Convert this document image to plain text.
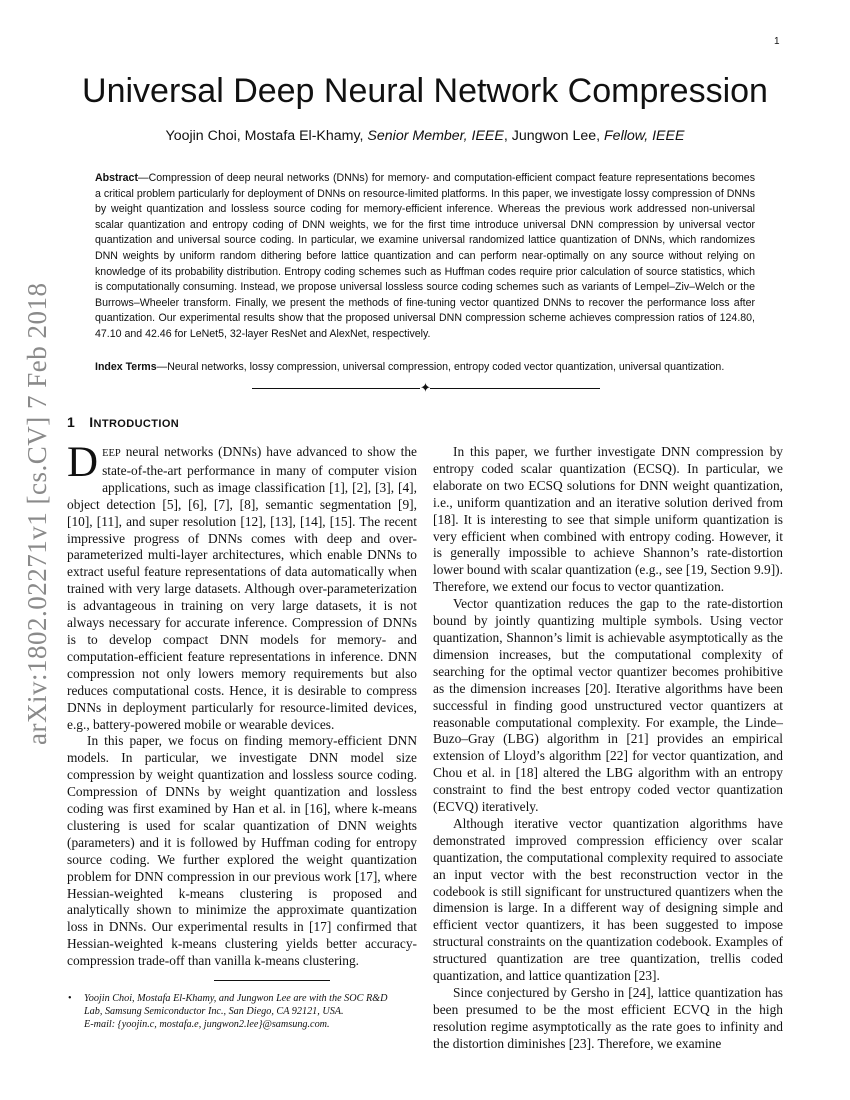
1
arXiv:1802.02271v1 [cs.CV] 7 Feb 2018
Universal Deep Neural Network Compression
Yoojin Choi, Mostafa El-Khamy, Senior Member, IEEE, Jungwon Lee, Fellow, IEEE

Abstract—Compression of deep neural networks (DNNs) for memory- and computation-efficient compact feature representations becomes a critical problem particularly for deployment of DNNs on resource-limited platforms. In this paper, we investigate lossy compression of DNNs by weight quantization and lossless source coding for memory-efficient inference. Whereas the previous work addressed non-universal scalar quantization and entropy coding of DNN weights, we for the first time introduce universal DNN compression by universal vector quantization and universal source coding. In particular, we examine universal randomized lattice quantization of DNNs, which randomizes DNN weights by uniform random dithering before lattice quantization and can perform near-optimally on any source without relying on knowledge of its probability distribution. Entropy coding schemes such as Huffman codes require prior calculation of source statistics, which is computationally consuming. Instead, we propose universal lossless source coding schemes such as variants of Lempel–Ziv–Welch or the Burrows–Wheeler transform. Finally, we present the methods of fine-tuning vector quantized DNNs to recover the performance loss after quantization. Our experimental results show that the proposed universal DNN compression scheme achieves compression ratios of 124.80, 47.10 and 42.46 for LeNet5, 32-layer ResNet and AlexNet, respectively.

Index Terms—Neural networks, lossy compression, universal compression, entropy coded vector quantization, universal quantization.

✦
1 INTRODUCTION

DEEP neural networks (DNNs) have advanced to show the state-of-the-art performance in many of computer vision applications, such as image classification [1], [2], [3], [4], object detection [5], [6], [7], [8], semantic segmentation [9], [10], [11], and super resolution [12], [13], [14], [15]. The recent impressive progress of DNNs comes with deep and over-parameterized multi-layer architectures, which enable DNNs to extract useful feature representations of data automatically when trained with very large datasets. Although over-parameterization is advantageous in training on very large datasets, it is not always necessary for accurate inference. Compression of DNNs is to develop compact DNN models for memory- and computation-efficient feature representations in inference. DNN compression not only lowers memory requirements but also reduces computational costs. Hence, it is desirable to compress DNNs in deployment particularly for resource-limited devices, e.g., battery-powered mobile or wearable devices.

In this paper, we focus on finding memory-efficient DNN models. In particular, we investigate DNN model size compression by weight quantization and lossless source coding. Compression of DNNs by weight quantization and lossless coding was first examined by Han et al. in [16], where k-means clustering is used for scalar quantization of DNN weights (parameters) and it is followed by Huffman coding for entropy source coding. We further explored the weight quantization problem for DNN compression in our previous work [17], where Hessian-weighted k-means clustering is proposed and analytically shown to minimize the approximate quantization loss in DNNs. Our experimental results in [17] confirmed that Hessian-weighted k-means clustering yields better accuracy-compression trade-off than vanilla k-means clustering.

In this paper, we further investigate DNN compression by entropy coded scalar quantization (ECSQ). In particular, we elaborate on two ECSQ solutions for DNN weight quantization, i.e., uniform quantization and an iterative solution derived from [18]. It is interesting to see that simple uniform quantization is very efficient when combined with entropy coding. However, it is generally impossible to achieve Shannon’s rate-distortion lower bound with scalar quantization (e.g., see [19, Section 9.9]). Therefore, we extend our focus to vector quantization.

Vector quantization reduces the gap to the rate-distortion bound by jointly quantizing multiple symbols. Using vector quantization, Shannon’s limit is achievable asymptotically as the dimension increases, but the computational complexity of searching for the optimal vector quantizer becomes prohibitive as the dimension increases [20]. Iterative algorithms have been successful in finding good unstructured vector quantizers at reasonable computational complexity. For example, the Linde–Buzo–Gray (LBG) algorithm in [21] provides an empirical extension of Lloyd’s algorithm [22] for vector quantization, and Chou et al. in [18] altered the LBG algorithm with an entropy constraint to find the best entropy coded vector quantization (ECVQ) iteratively.

Although iterative vector quantization algorithms have demonstrated improved compression efficiency over scalar quantization, the computational complexity required to associate an input vector with the best reconstruction vector in the codebook is still significant for unstructured quantizers when the dimension is large. In a different way of designing simple and efficient vector quantizers, it has been suggested to impose structural constraints on the quantization codebook. Examples of structured quantization are tree quantization, trellis coded quantization, and lattice quantization [23].

Since conjectured by Gersho in [24], lattice quantization has been presumed to be the most efficient ECVQ in the high resolution regime asymptotically as the rate goes to infinity and the distortion diminishes [23]. Therefore, we examine

• Yoojin Choi, Mostafa El-Khamy, and Jungwon Lee are with the SOC R&D Lab, Samsung Semiconductor Inc., San Diego, CA 92121, USA.
E-mail: {yoojin.c, mostafa.e, jungwon2.lee}@samsung.com.
